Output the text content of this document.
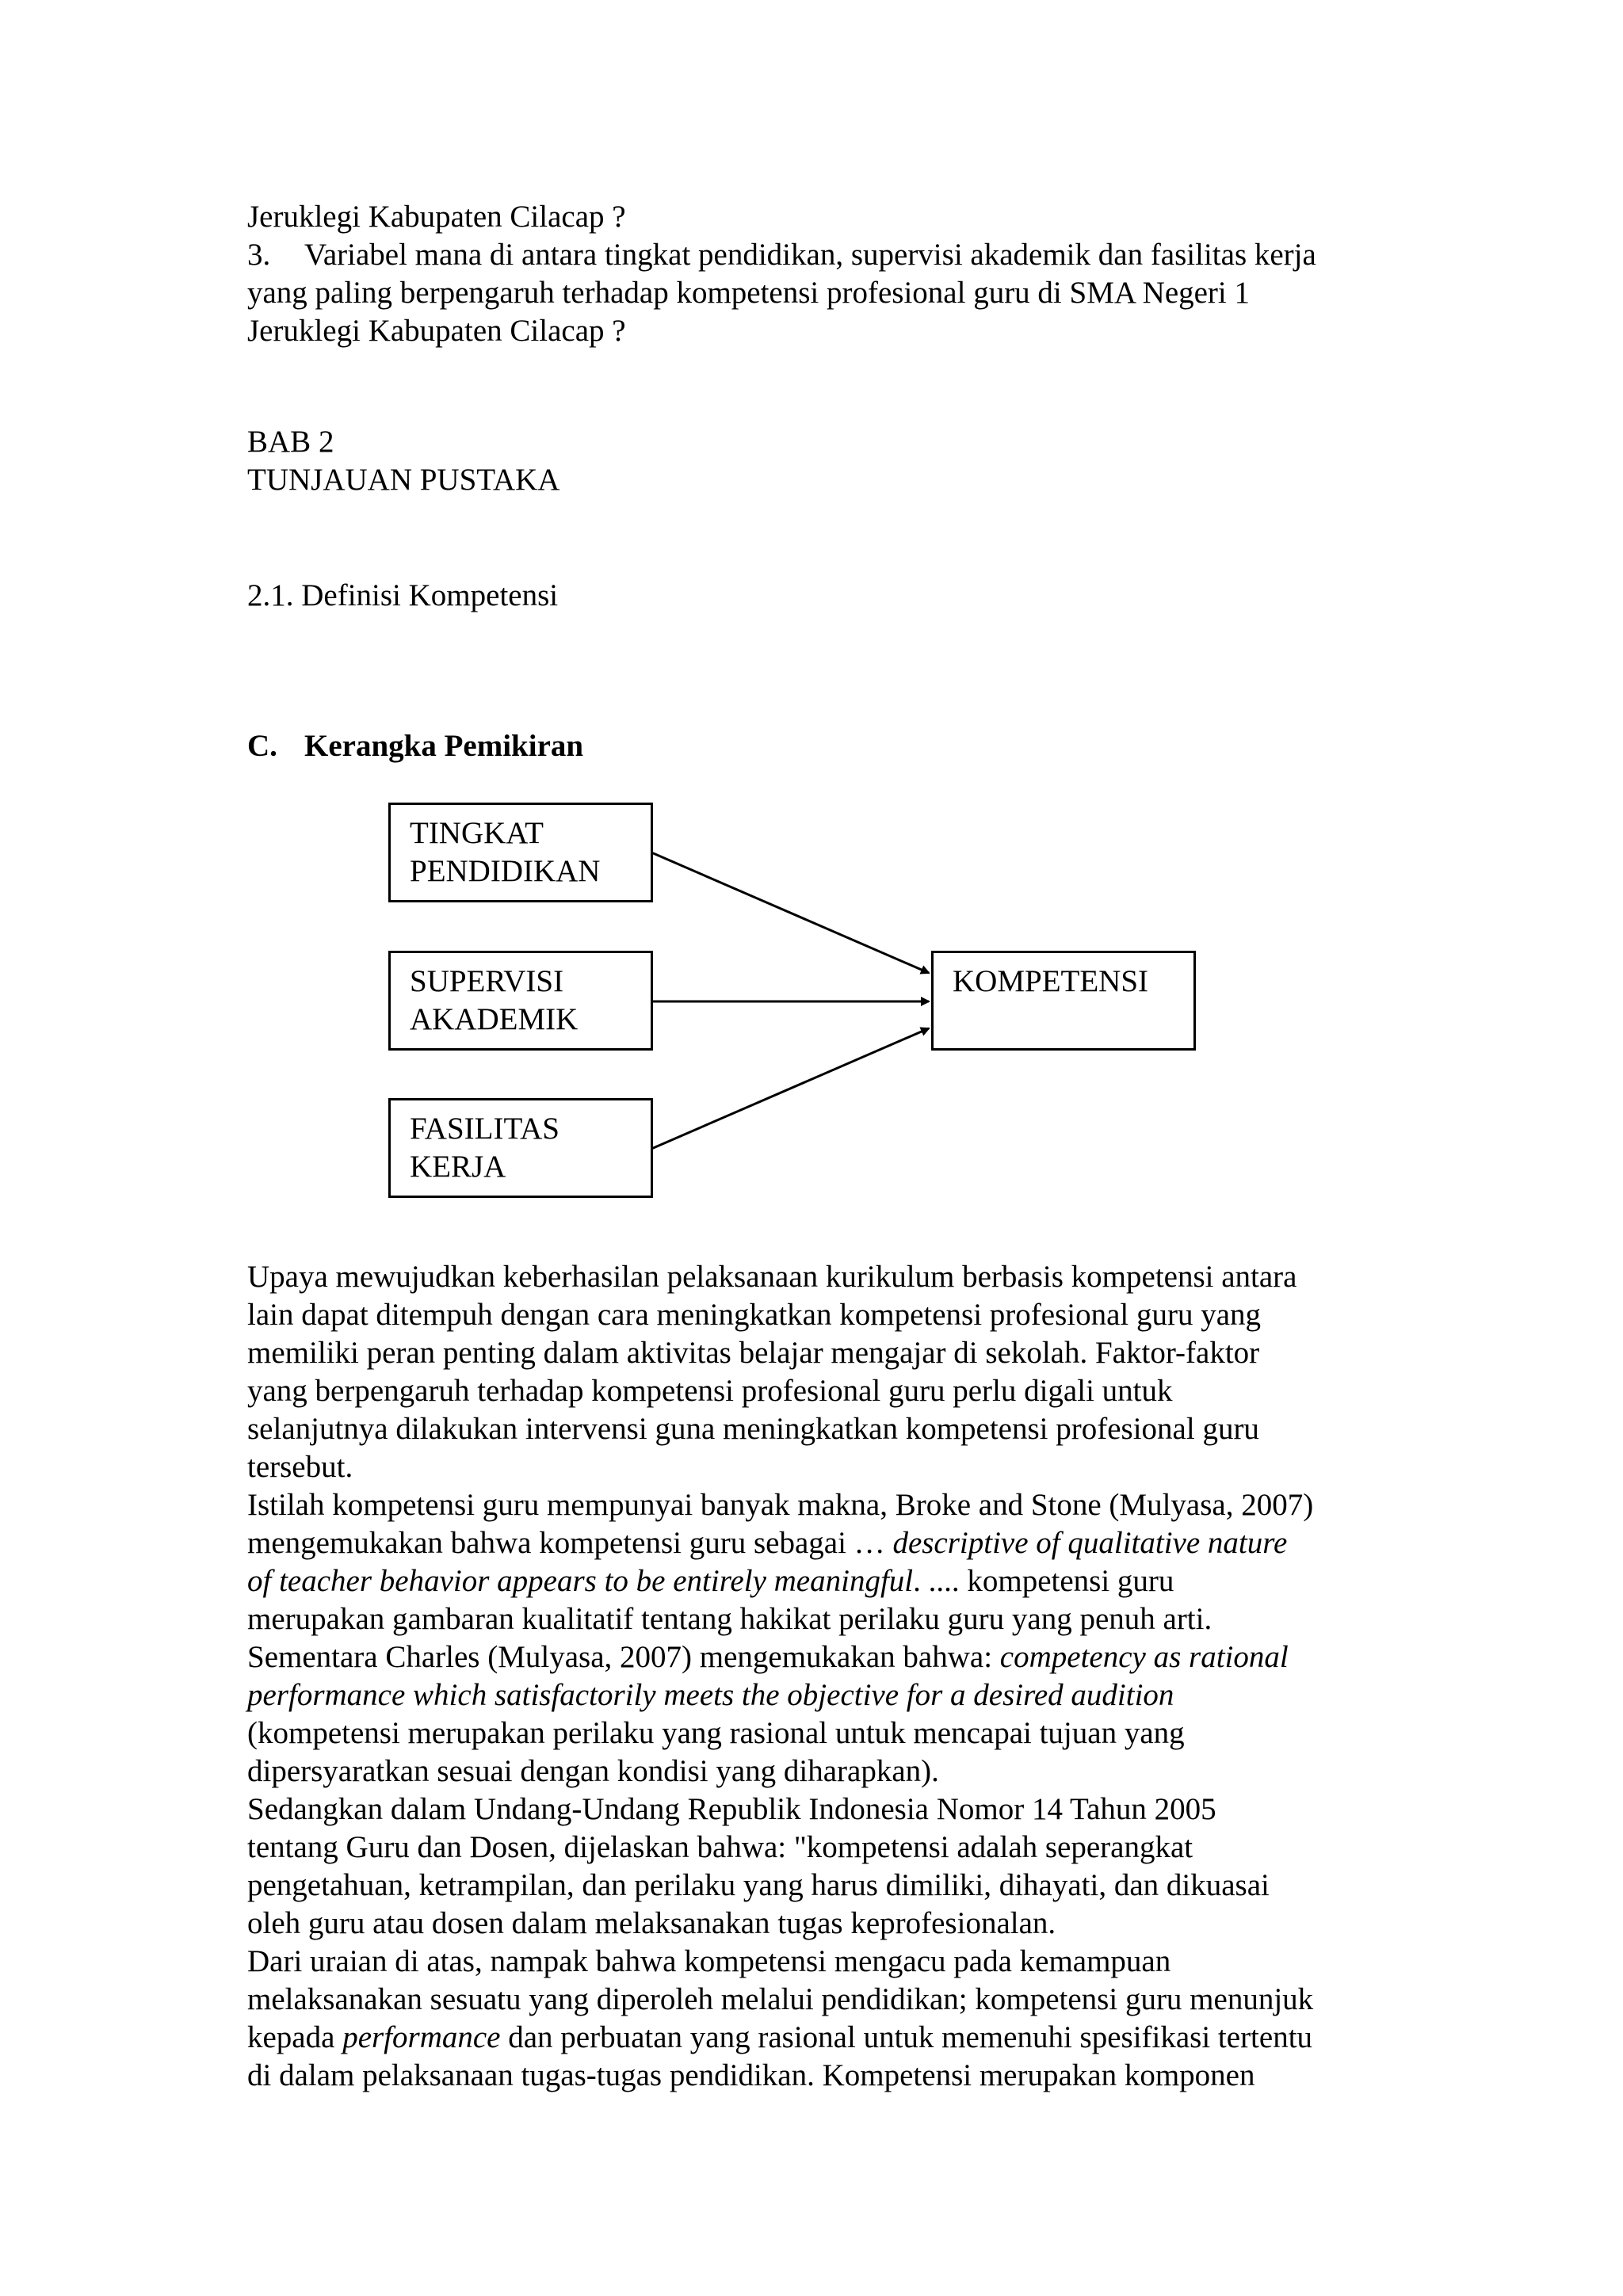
Jeruklegi Kabupaten Cilacap ?

3. Variabel mana di antara tingkat pendidikan, supervisi akademik dan fasilitas kerja

yang paling berpengaruh terhadap kompetensi profesional guru di SMA Negeri 1

Jeruklegi Kabupaten Cilacap ?

BAB 2

TUNJAUAN PUSTAKA

2.1. Definisi Kompetensi

C. Kerangka Pemikiran

TINGKAT
PENDIDIKAN
SUPERVISI
AKADEMIK
FASILITAS
KERJA
KOMPETENSI

Upaya mewujudkan keberhasilan pelaksanaan kurikulum berbasis kompetensi antara

lain dapat ditempuh dengan cara meningkatkan kompetensi profesional guru yang

memiliki peran penting dalam aktivitas belajar mengajar di sekolah. Faktor-faktor

yang berpengaruh terhadap kompetensi profesional guru perlu digali untuk

selanjutnya dilakukan intervensi guna meningkatkan kompetensi profesional guru

tersebut.

Istilah kompetensi guru mempunyai banyak makna, Broke and Stone (Mulyasa, 2007)

mengemukakan bahwa kompetensi guru sebagai … descriptive of qualitative nature

of teacher behavior appears to be entirely meaningful. .... kompetensi guru

merupakan gambaran kualitatif tentang hakikat perilaku guru yang penuh arti.

Sementara Charles (Mulyasa, 2007) mengemukakan bahwa: competency as rational

performance which satisfactorily meets the objective for a desired audition

(kompetensi merupakan perilaku yang rasional untuk mencapai tujuan yang

dipersyaratkan sesuai dengan kondisi yang diharapkan).

Sedangkan dalam Undang-Undang Republik Indonesia Nomor 14 Tahun 2005

tentang Guru dan Dosen, dijelaskan bahwa: "kompetensi adalah seperangkat

pengetahuan, ketrampilan, dan perilaku yang harus dimiliki, dihayati, dan dikuasai

oleh guru atau dosen dalam melaksanakan tugas keprofesionalan.

Dari uraian di atas, nampak bahwa kompetensi mengacu pada kemampuan

melaksanakan sesuatu yang diperoleh melalui pendidikan; kompetensi guru menunjuk

kepada performance dan perbuatan yang rasional untuk memenuhi spesifikasi tertentu

di dalam pelaksanaan tugas-tugas pendidikan. Kompetensi merupakan komponen
